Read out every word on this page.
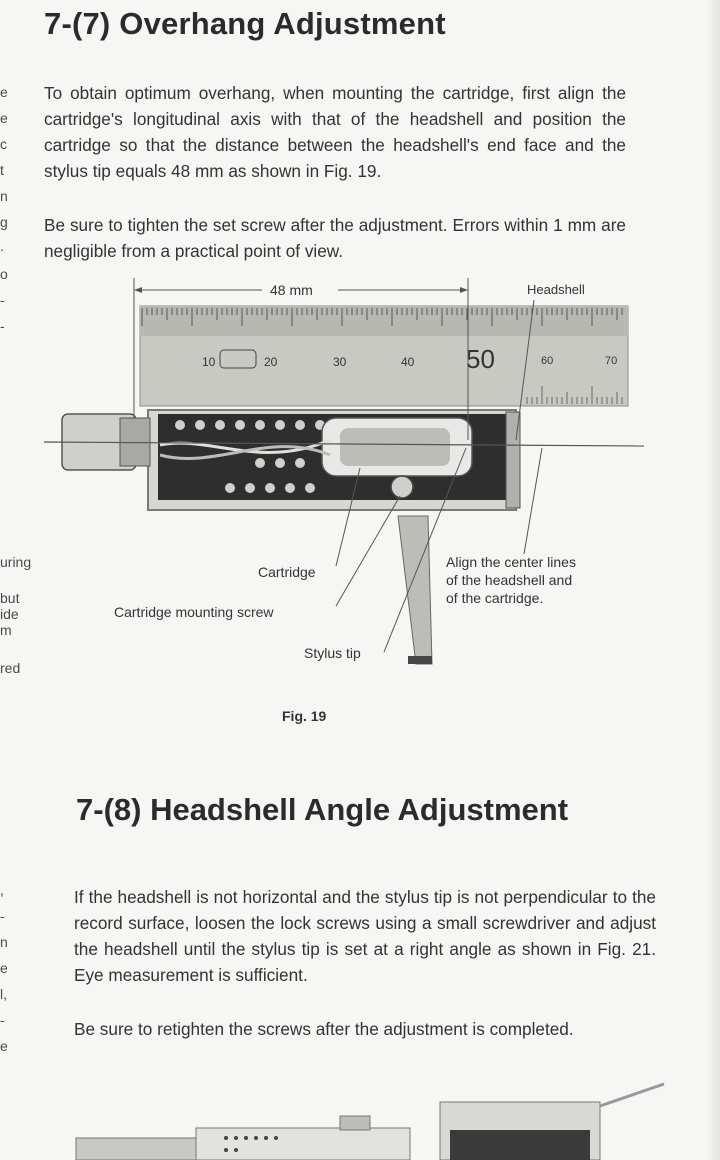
e
e
c
t
n
g
.
o
-
-
uring
but
ide
m
red
,
-
n
e
l,
-
e
7-(7) Overhang Adjustment

To obtain optimum overhang, when mounting the cartridge, first align the cartridge's longitudinal axis with that of the headshell and position the cartridge so that the distance between the headshell's end face and the stylus tip equals 48 mm as shown in Fig. 19.

Be sure to tighten the set screw after the adjustment. Errors within 1 mm are negligible from a practical point of view.

10	20	30	40 50	60	70
48 mm	Headshell
Cartridge
Cartridge mounting screw
Stylus tip
Align the center lines
of the headshell and
of the cartridge.
Fig. 19
7-(8) Headshell Angle Adjustment

If the headshell is not horizontal and the stylus tip is not perpendicular to the record surface, loosen the lock screws using a small screwdriver and adjust the headshell until the stylus tip is set at a right angle as shown in Fig. 21. Eye measurement is sufficient.

Be sure to retighten the screws after the adjustment is completed.
